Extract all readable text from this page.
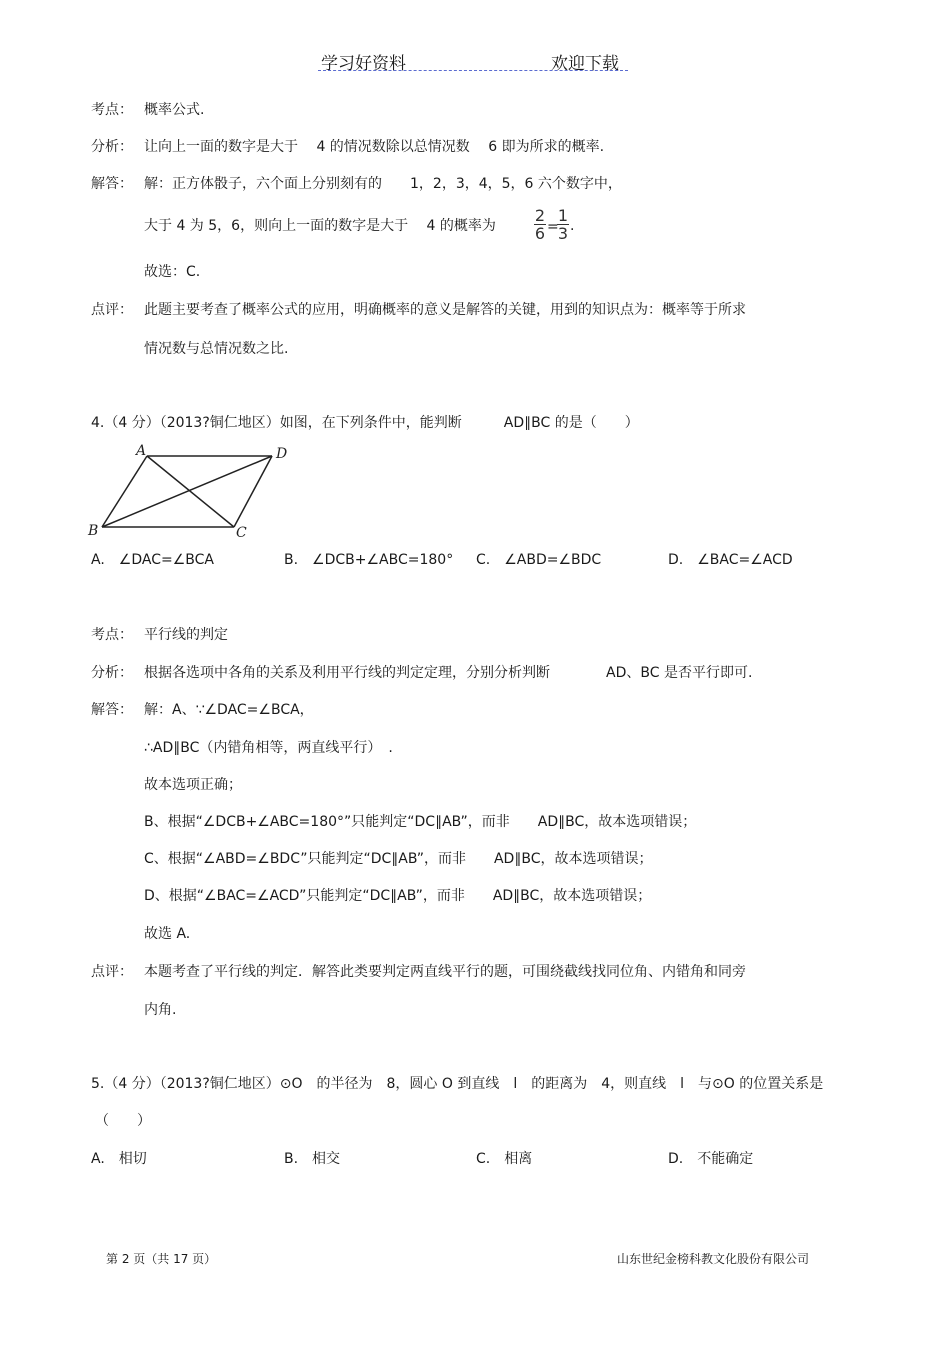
学习好资料	欢迎下载
考点： 概率公式.
分析： 让向上一面的数字是大于　 4 的情况数除以总情况数　 6 即为所求的概率.
解答： 解：正方体骰子，六个面上分别刻有的　　1，2，3，4，5，6 六个数字中，
大于 4 为 5，6，则向上一面的数字是大于　 4 的概率为
2
6 =
1
3 .
故选：C.
点评： 此题主要考查了概率公式的应用，明确概率的意义是解答的关键，用到的知识点为：概率等于所求
情况数与总情况数之比.
4.（4 分）（2013?铜仁地区）如图，在下列条件中，能判断　　　AD∥BC 的是（　　）
A	D
B	C
A.　∠DAC=∠BCA	B.　∠DCB+∠ABC=180° C.　∠ABD=∠BDC	D.　∠BAC=∠ACD
考点： 平行线的判定
分析： 根据各选项中各角的关系及利用平行线的判定定理，分别分析判断　　　　AD、BC 是否平行即可.
解答： 解：A、∵∠DAC=∠BCA，
∴AD∥BC（内错角相等，两直线平行）　.
故本选项正确；
B、根据“∠DCB+∠ABC=180°”只能判定“DC∥AB”，而非　　AD∥BC，故本选项错误；
C、根据“∠ABD=∠BDC”只能判定“DC∥AB”，而非　　AD∥BC，故本选项错误；
D、根据“∠BAC=∠ACD”只能判定“DC∥AB”，而非　　AD∥BC，故本选项错误；
故选 A.
点评： 本题考查了平行线的判定．解答此类要判定两直线平行的题，可围绕截线找同位角、内错角和同旁
内角.
5.（4 分）（2013?铜仁地区）⊙O　的半径为　8，圆心 O 到直线　l　的距离为　4，则直线　l　与⊙O 的位置关系是
（　　）
A.　相切	B.　相交	C.　相离	D.　不能确定
第 2 页（共 17 页）	山东世纪金榜科教文化股份有限公司
